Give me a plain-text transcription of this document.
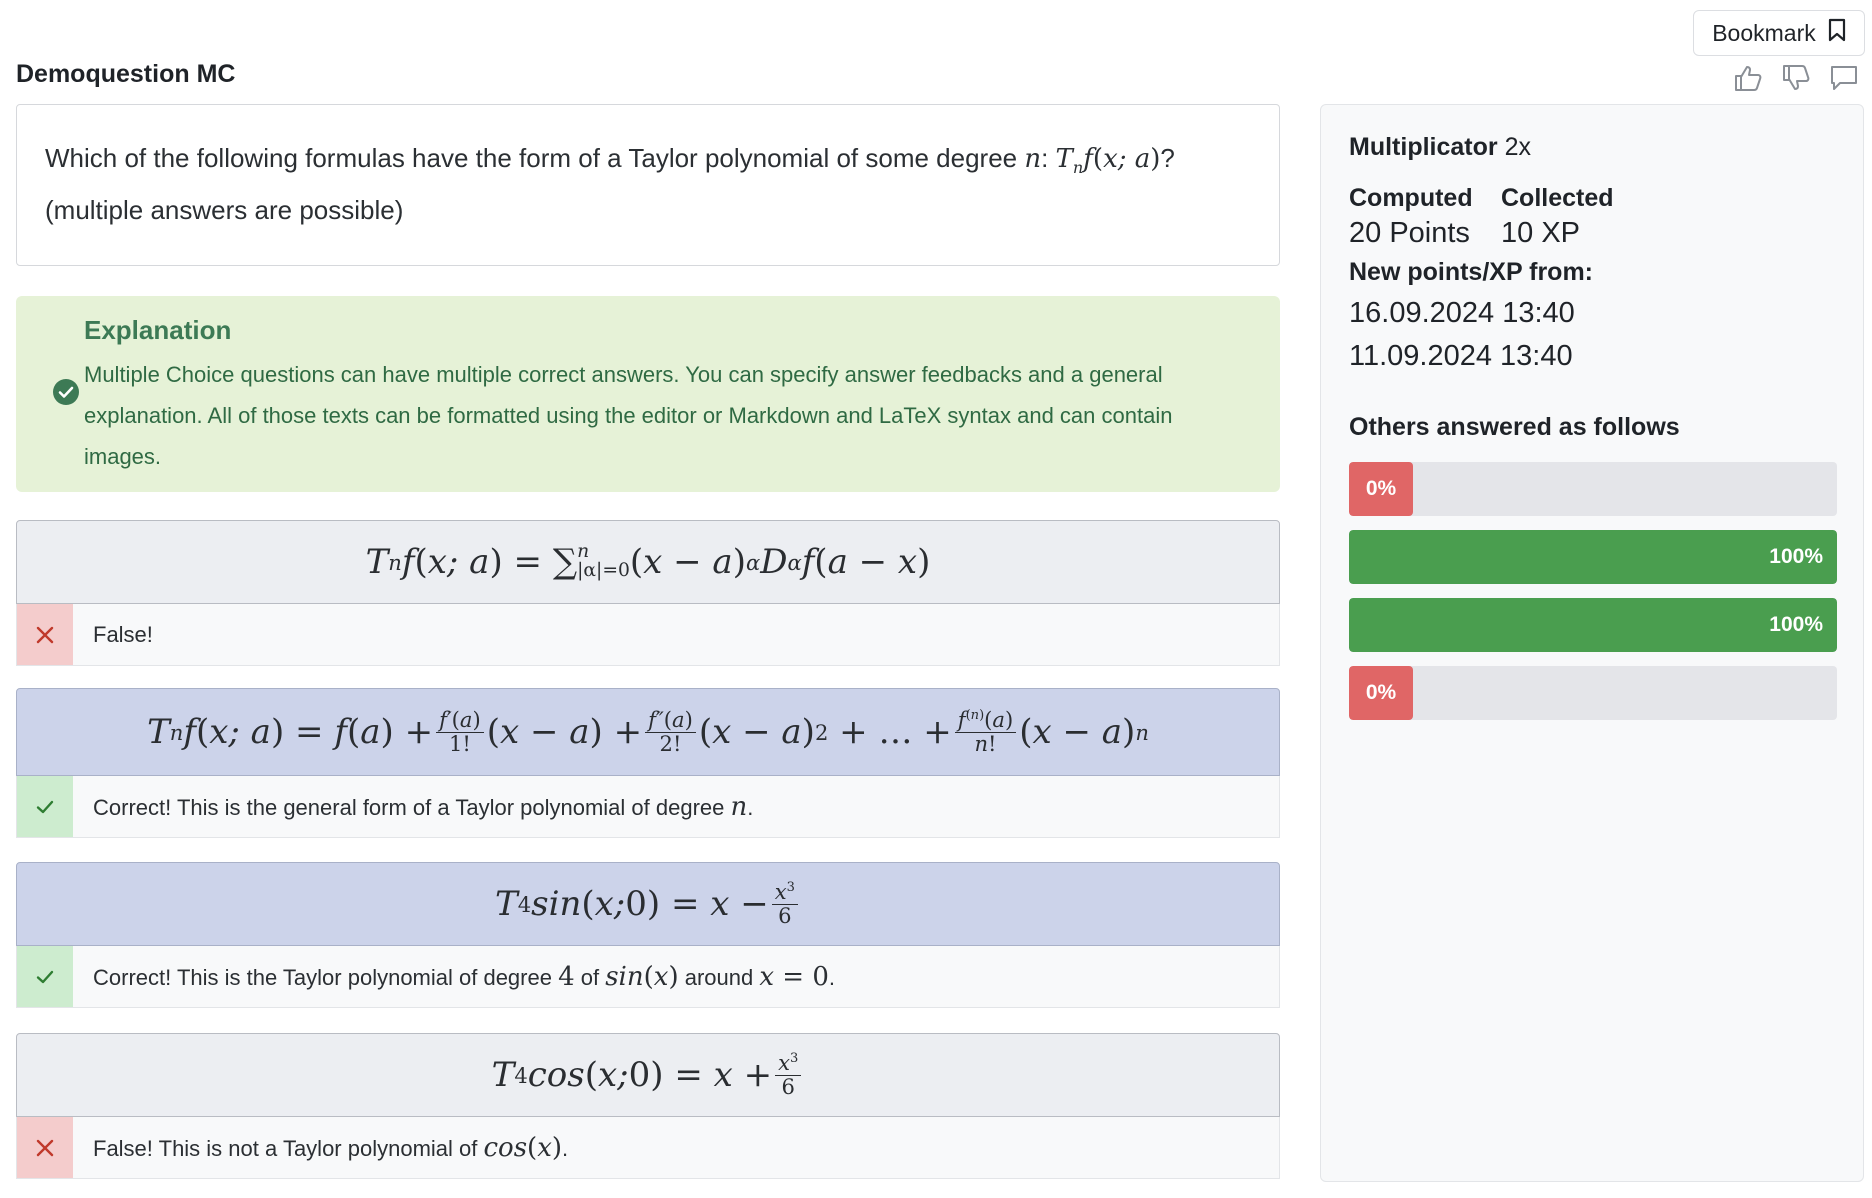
Bookmark
Demoquestion MC
Which of the following formulas have the form of a Taylor polynomial of some degree n: $T_nf(x$; a)? (multiple answers are possible)
Explanation

Multiple Choice questions can have multiple correct answers. You can specify answer feedbacks and a general explanation. All of those texts can be formatted using the editor or Markdown and LaTeX syntax and can contain images.

T n f ( x; a )
=
∑ n
|α|=0 ( x − a ) α D α f ( a − x )
False!
T n f ( x; a )
= f ( a )
+ $\frac{f'(a)}{1!}$ ( x − a )
+ $\frac{f''(a)}{2!}$ ( x − a ) 2
+ … + $\frac{f^{(n)}(a)}{n!}$ ( x − a ) n
Correct! This is the general form of a Taylor polynomial of degree n.
T 4 sin ( x; 0)
= $x - \frac{x^3}{6}$
Correct! This is the Taylor polynomial of degree 4 of sin(x) around x = 0.
T 4 cos ( x; 0)
= $x + \frac{x^3}{6}$
False! This is not a Taylor polynomial of cos(x).
Multiplicator 2x
Computed	Collected
20 Points	10 XP
New points/XP from:
16.09.2024 13:40
11.09.2024 13:40
Others answered as follows
0%
100%
100%
0%
